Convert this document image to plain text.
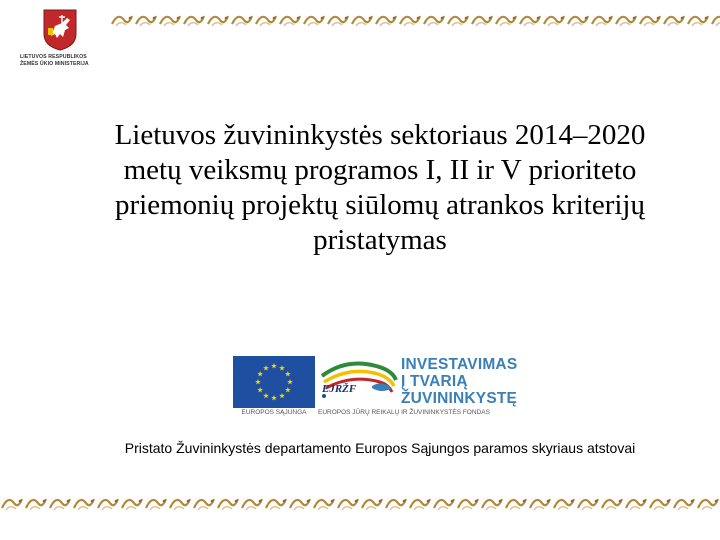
LIETUVOS RESPUBLIKOS
ŽEMĖS ŪKIO MINISTERIJA
Lietuvos žuvininkystės sektoriaus 2014–2020
metų veiksmų programos I, II ir V prioriteto
priemonių projektų siūlomų atrankos kriterijų
pristatymas
EUROPOS SĄJUNGA
EJRŽF
EUROPOS JŪRŲ REIKALŲ IR ŽUVININKYSTĖS FONDAS
INVESTAVIMAS
Į TVARIĄ
ŽUVININKYSTĘ
Pristato Žuvininkystės departamento Europos Sąjungos paramos skyriaus atstovai
